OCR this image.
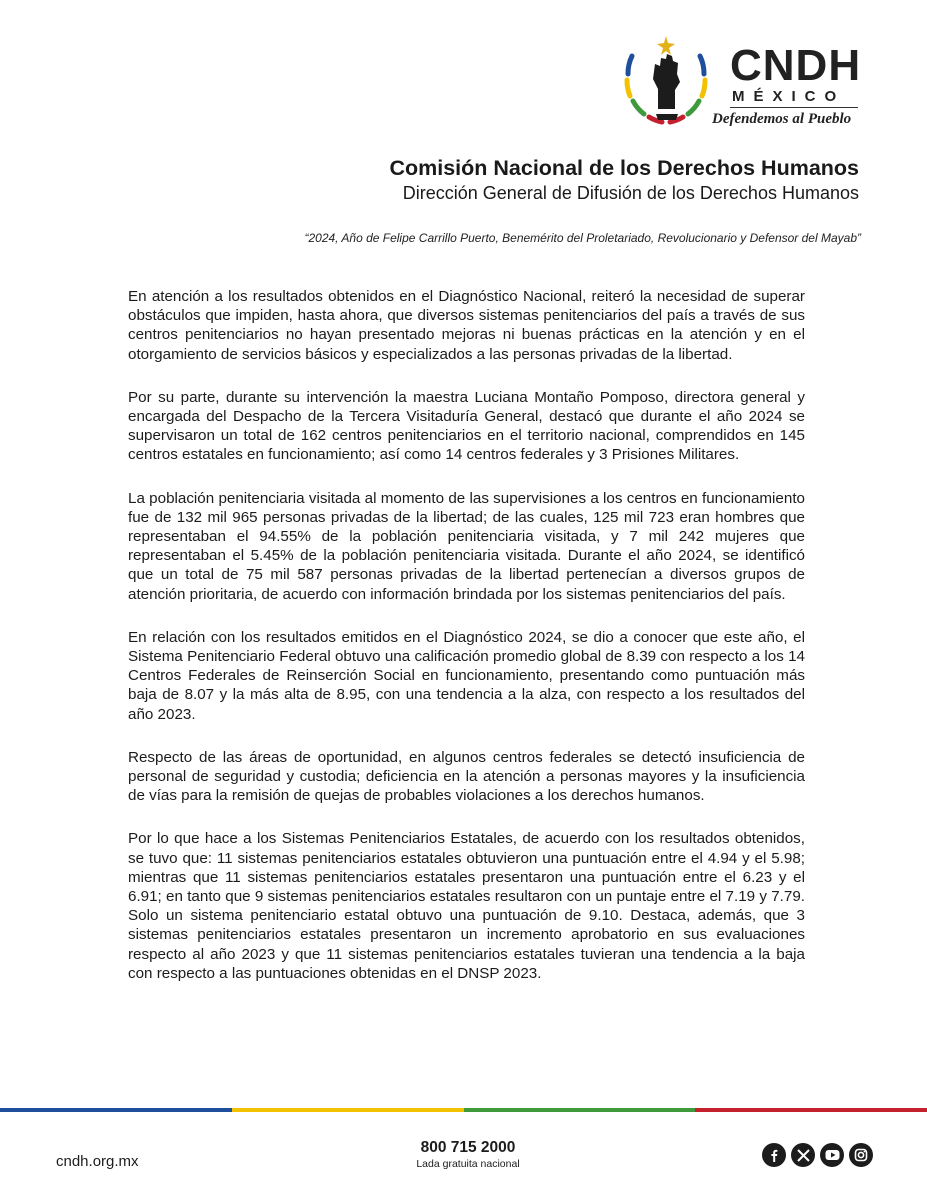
CNDH
MÉXICO
Defendemos al Pueblo
Comisión Nacional de los Derechos Humanos
Dirección General de Difusión de los Derechos Humanos
“2024, Año de Felipe Carrillo Puerto, Benemérito del Proletariado, Revolucionario y Defensor del Mayab”

En atención a los resultados obtenidos en el Diagnóstico Nacional, reiteró la necesidad de superar obstáculos que impiden, hasta ahora, que diversos sistemas penitenciarios del país a través de sus centros penitenciarios no hayan presentado mejoras ni buenas prácticas en la atención y en el otorgamiento de servicios básicos y especializados a las personas privadas de la libertad.

Por su parte, durante su intervención la maestra Luciana Montaño Pomposo, directora general y encargada del Despacho de la Tercera Visitaduría General, destacó que durante el año 2024 se supervisaron un total de 162 centros penitenciarios en el territorio nacional, comprendidos en 145 centros estatales en funcionamiento; así como 14 centros federales y 3 Prisiones Militares.

La población penitenciaria visitada al momento de las supervisiones a los centros en funcionamiento fue de 132 mil 965 personas privadas de la libertad; de las cuales, 125 mil 723 eran hombres que representaban el 94.55% de la población penitenciaria visitada, y 7 mil 242 mujeres que representaban el 5.45% de la población penitenciaria visitada. Durante el año 2024, se identificó que un total de 75 mil 587 personas privadas de la libertad pertenecían a diversos grupos de atención prioritaria, de acuerdo con información brindada por los sistemas penitenciarios del país.

En relación con los resultados emitidos en el Diagnóstico 2024, se dio a conocer que este año, el Sistema Penitenciario Federal obtuvo una calificación promedio global de 8.39 con respecto a los 14 Centros Federales de Reinserción Social en funcionamiento, presentando como puntuación más baja de 8.07 y la más alta de 8.95, con una tendencia a la alza, con respecto a los resultados del año 2023.

Respecto de las áreas de oportunidad, en algunos centros federales se detectó insuficiencia de personal de seguridad y custodia; deficiencia en la atención a personas mayores y la insuficiencia de vías para la remisión de quejas de probables violaciones a los derechos humanos.

Por lo que hace a los Sistemas Penitenciarios Estatales, de acuerdo con los resultados obtenidos, se tuvo que: 11 sistemas penitenciarios estatales obtuvieron una puntuación entre el 4.94 y el 5.98; mientras que 11 sistemas penitenciarios estatales presentaron una puntuación entre el 6.23 y el 6.91; en tanto que 9 sistemas penitenciarios estatales resultaron con un puntaje entre el 7.19 y 7.79. Solo un sistema penitenciario estatal obtuvo una puntuación de 9.10. Destaca, además, que 3 sistemas penitenciarios estatales presentaron un incremento aprobatorio en sus evaluaciones respecto al año 2023 y que 11 sistemas penitenciarios estatales tuvieran una tendencia a la baja con respecto a las puntuaciones obtenidas en el DNSP 2023.

cndh.org.mx
800 715 2000
Lada gratuita nacional
